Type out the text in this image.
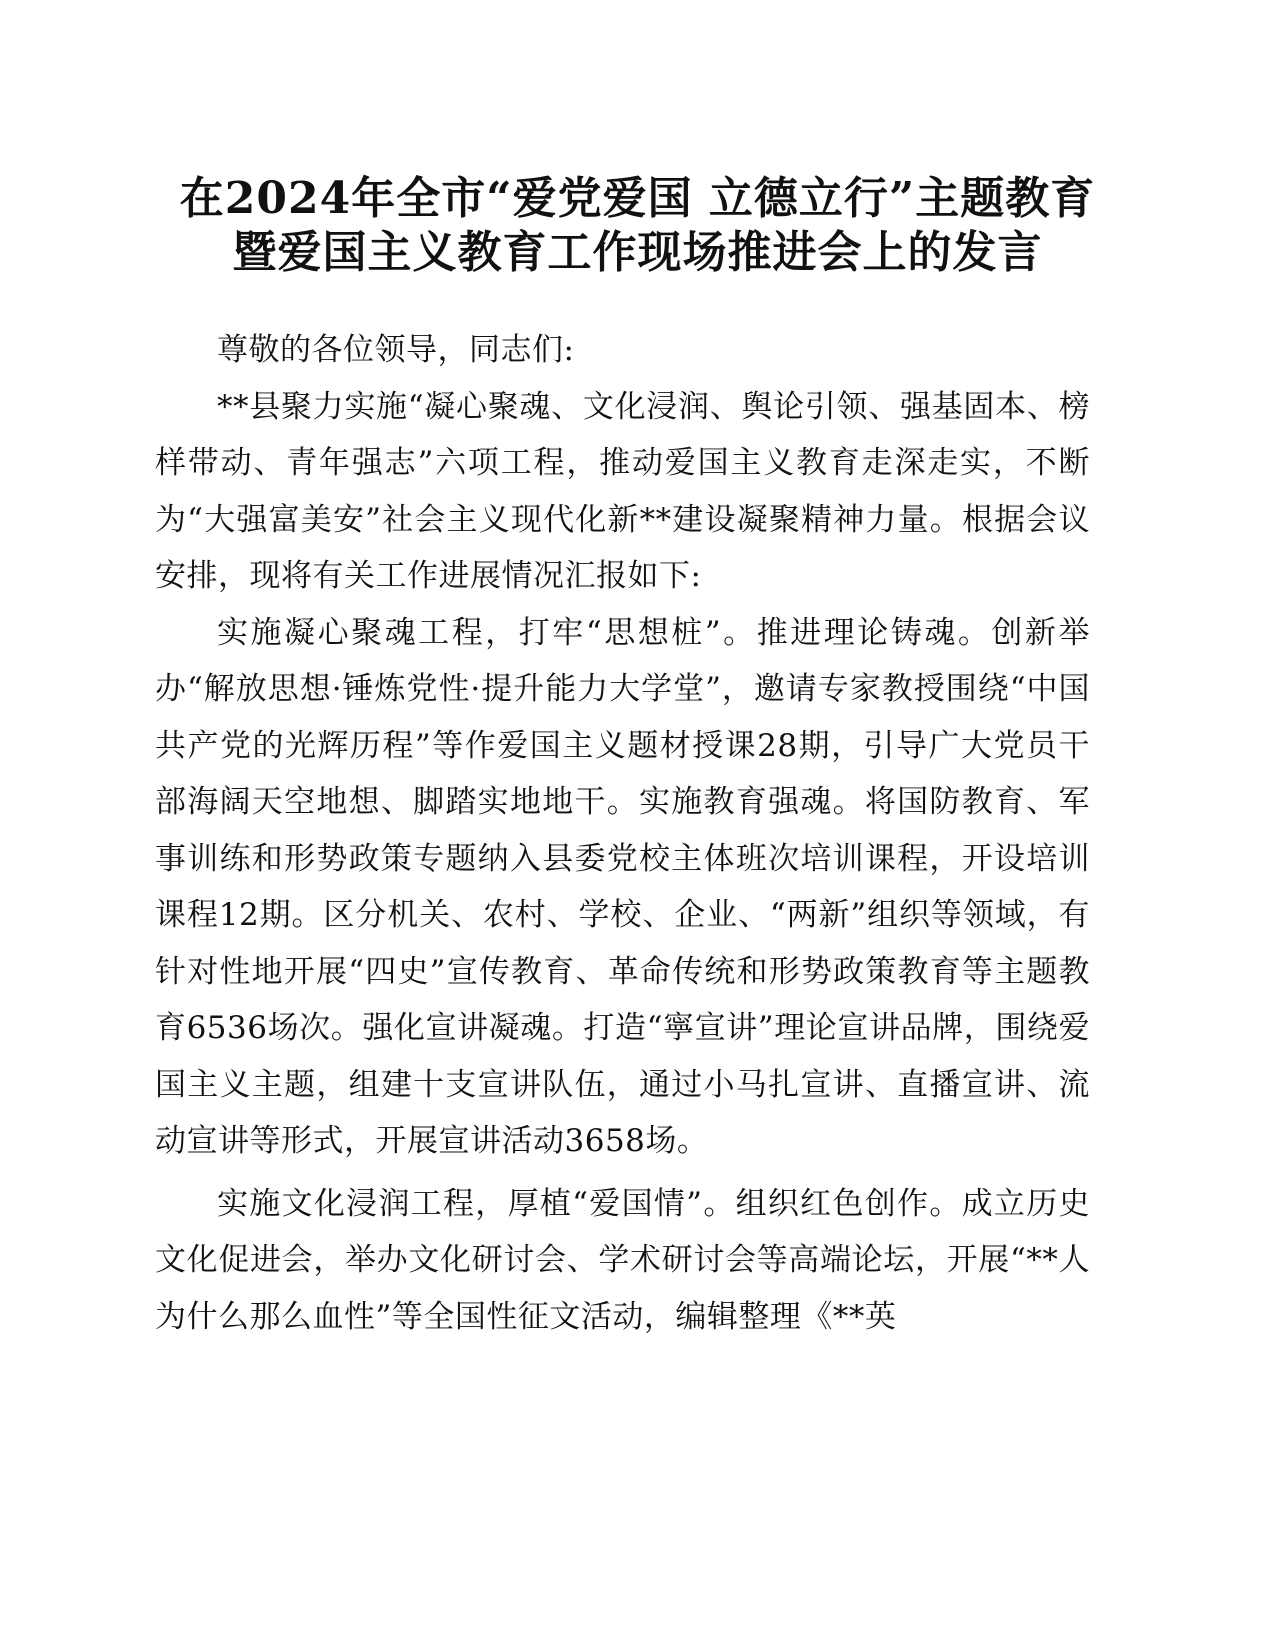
在2024年全市“爱党爱国 立德立行”主题教育
暨爱国主义教育工作现场推进会上的发言

尊敬的各位领导，同志们:

**县聚力实施“凝心聚魂、文化浸润、舆论引领、强基固本、榜样带动、青年强志”六项工程，推动爱国主义教育走深走实，不断为“大强富美安”社会主义现代化新**建设凝聚精神力量。根据会议安排，现将有关工作进展情况汇报如下:

实施凝心聚魂工程，打牢“思想桩”。推进理论铸魂。创新举办“解放思想·锤炼党性·提升能力大学堂”，邀请专家教授围绕“中国共产党的光辉历程”等作爱国主义题材授课28期，引导广大党员干部海阔天空地想、脚踏实地地干。实施教育强魂。将国防教育、军事训练和形势政策专题纳入县委党校主体班次培训课程，开设培训课程12期。区分机关、农村、学校、企业、“两新”组织等领域，有针对性地开展“四史”宣传教育、革命传统和形势政策教育等主题教育6536场次。强化宣讲凝魂。打造“寧宣讲”理论宣讲品牌，围绕爱国主义主题，组建十支宣讲队伍，通过小马扎宣讲、直播宣讲、流动宣讲等形式，开展宣讲活动3658场。

实施文化浸润工程，厚植“爱国情”。组织红色创作。成立历史文化促进会，举办文化研讨会、学术研讨会等高端论坛，开展“**人为什么那么血性”等全国性征文活动，编辑整理《**英
